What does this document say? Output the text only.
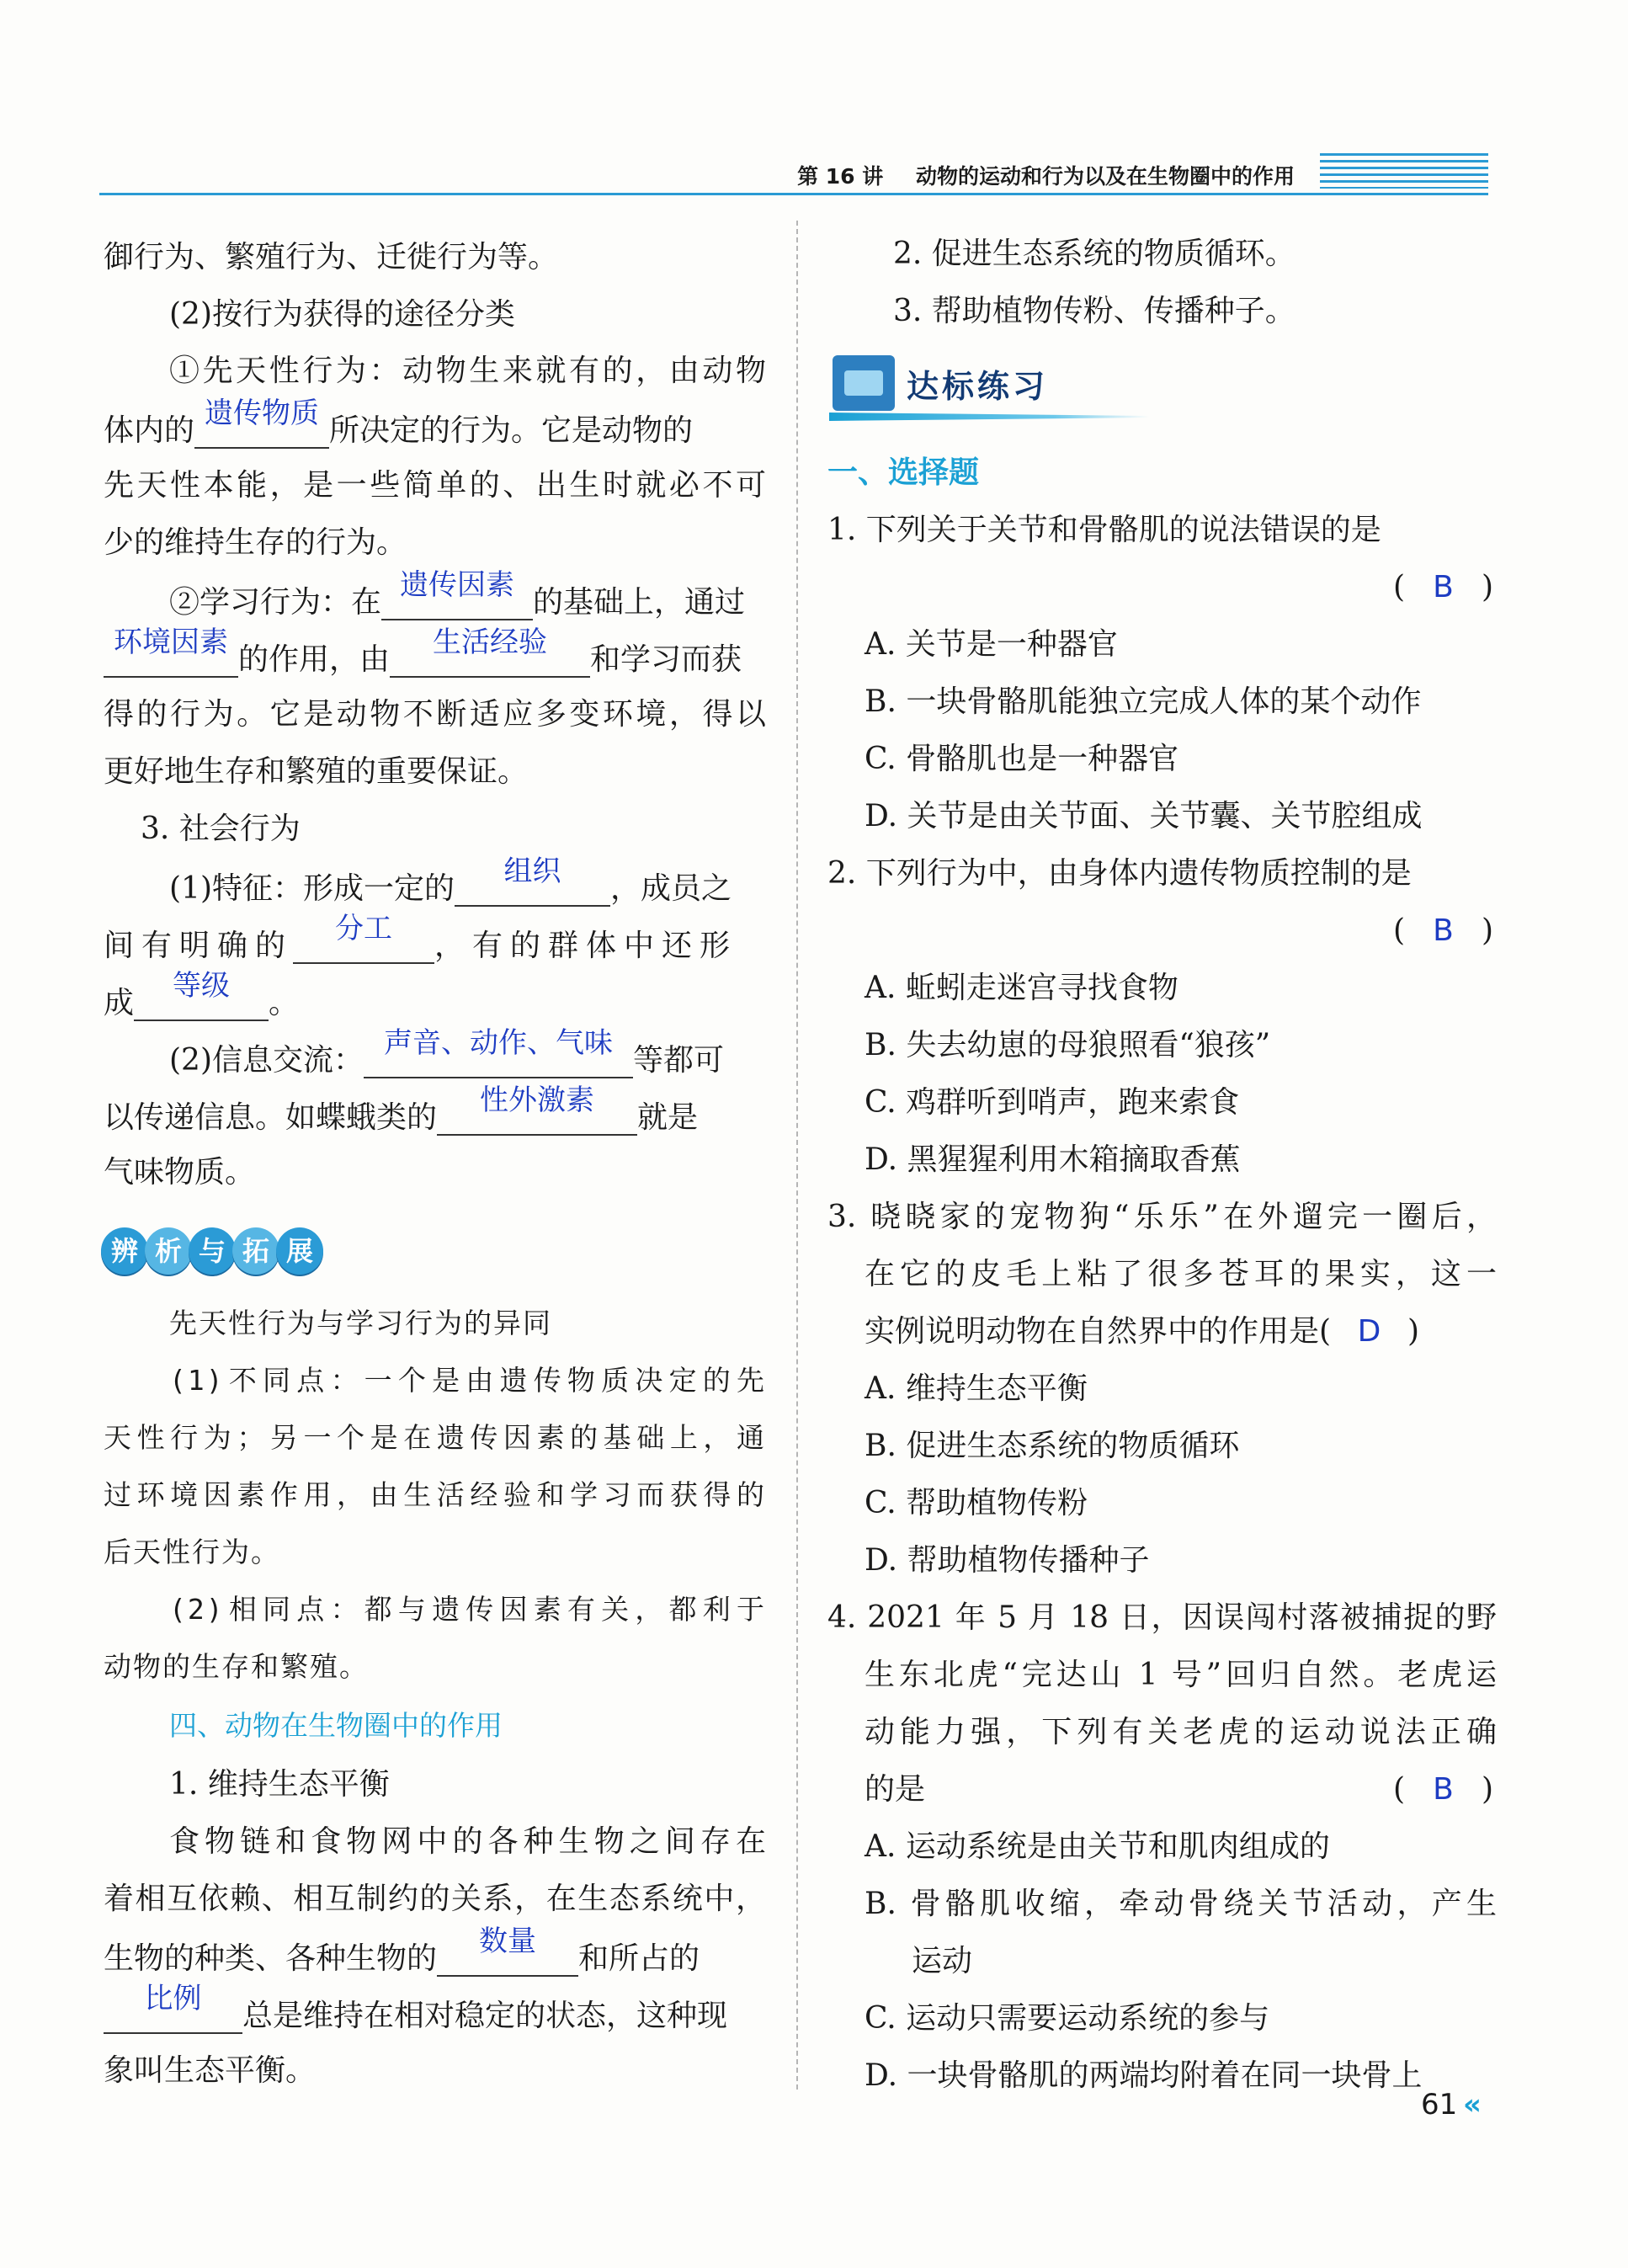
第 16 讲 动物的运动和行为以及在生物圈中的作用
御行为、繁殖行为、迁徙行为等。
(2)按行为获得的途径分类
①先天性行为：动物生来就有的，由动物
体内的 遗传物质 所决定的行为。它是动物的
先天性本能，是一些简单的、出生时就必不可
少的维持生存的行为。
②学习行为：在 遗传因素 的基础上，通过
环境因素 的作用，由	生活经验	和学习而获
得的行为。它是动物不断适应多变环境，得以
更好地生存和繁殖的重要保证。
3. 社会行为
(1)特征：形成一定的	组织	，成员之
间有明确的	分工	，有的群体中还形
成	等级	。
(2)信息交流： 声音、动作、气味 等都可
以传递信息。如蝶蛾类的	性外激素	就是
气味物质。
辨 析 与 拓 展
先天性行为与学习行为的异同
(1)不同点：一个是由遗传物质决定的先
天性行为；另一个是在遗传因素的基础上，通
过环境因素作用，由生活经验和学习而获得的
后天性行为。
(2)相同点：都与遗传因素有关，都利于
动物的生存和繁殖。
四、动物在生物圈中的作用
1. 维持生态平衡
食物链和食物网中的各种生物之间存在
着相互依赖、相互制约的关系，在生态系统中，
生物的种类、各种生物的	数量	和所占的
比例	总是维持在相对稳定的状态，这种现
象叫生态平衡。
2. 促进生态系统的物质循环。
3. 帮助植物传粉、传播种子。
达标练习
一、选择题
1. 下列关于关节和骨骼肌的说法错误的是
( B )
A. 关节是一种器官
B. 一块骨骼肌能独立完成人体的某个动作
C. 骨骼肌也是一种器官
D. 关节是由关节面、关节囊、关节腔组成
2. 下列行为中，由身体内遗传物质控制的是
( B )
A. 蚯蚓走迷宫寻找食物
B. 失去幼崽的母狼照看“狼孩”
C. 鸡群听到哨声，跑来索食
D. 黑猩猩利用木箱摘取香蕉
3. 晓晓家的宠物狗“乐乐”在外遛完一圈后，
在它的皮毛上粘了很多苍耳的果实，这一
实例说明动物在自然界中的作用是( D )
A. 维持生态平衡
B. 促进生态系统的物质循环
C. 帮助植物传粉
D. 帮助植物传播种子
4. 2021 年 5 月 18 日，因误闯村落被捕捉的野
生东北虎“完达山 1 号”回归自然。老虎运
动能力强，下列有关老虎的运动说法正确
的是	( B )
A. 运动系统是由关节和肌肉组成的
B. 骨骼肌收缩，牵动骨绕关节活动，产生
运动
C. 运动只需要运动系统的参与
D. 一块骨骼肌的两端均附着在同一块骨上
61 «
